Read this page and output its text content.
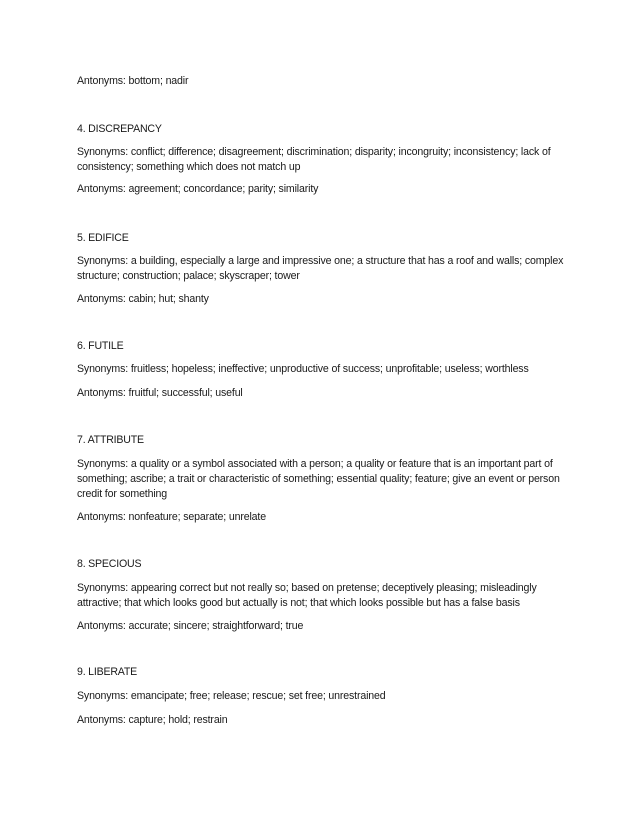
Antonyms: bottom; nadir
4. DISCREPANCY
Synonyms: conflict; difference; disagreement; discrimination; disparity; incongruity; inconsistency; lack of consistency; something which does not match up
Antonyms: agreement; concordance; parity; similarity
5. EDIFICE
Synonyms: a building, especially a large and impressive one; a structure that has a roof and walls; complex structure; construction; palace; skyscraper; tower
Antonyms: cabin; hut; shanty
6. FUTILE
Synonyms: fruitless; hopeless; ineffective; unproductive of success; unprofitable; useless; worthless
Antonyms: fruitful; successful; useful
7. ATTRIBUTE
Synonyms: a quality or a symbol associated with a person; a quality or feature that is an important part of something; ascribe; a trait or characteristic of something; essential quality; feature; give an event or person credit for something
Antonyms: nonfeature; separate; unrelate
8. SPECIOUS
Synonyms: appearing correct but not really so; based on pretense; deceptively pleasing; misleadingly attractive; that which looks good but actually is not; that which looks possible but has a false basis
Antonyms: accurate; sincere; straightforward; true
9. LIBERATE
Synonyms: emancipate; free; release; rescue; set free; unrestrained
Antonyms: capture; hold; restrain
